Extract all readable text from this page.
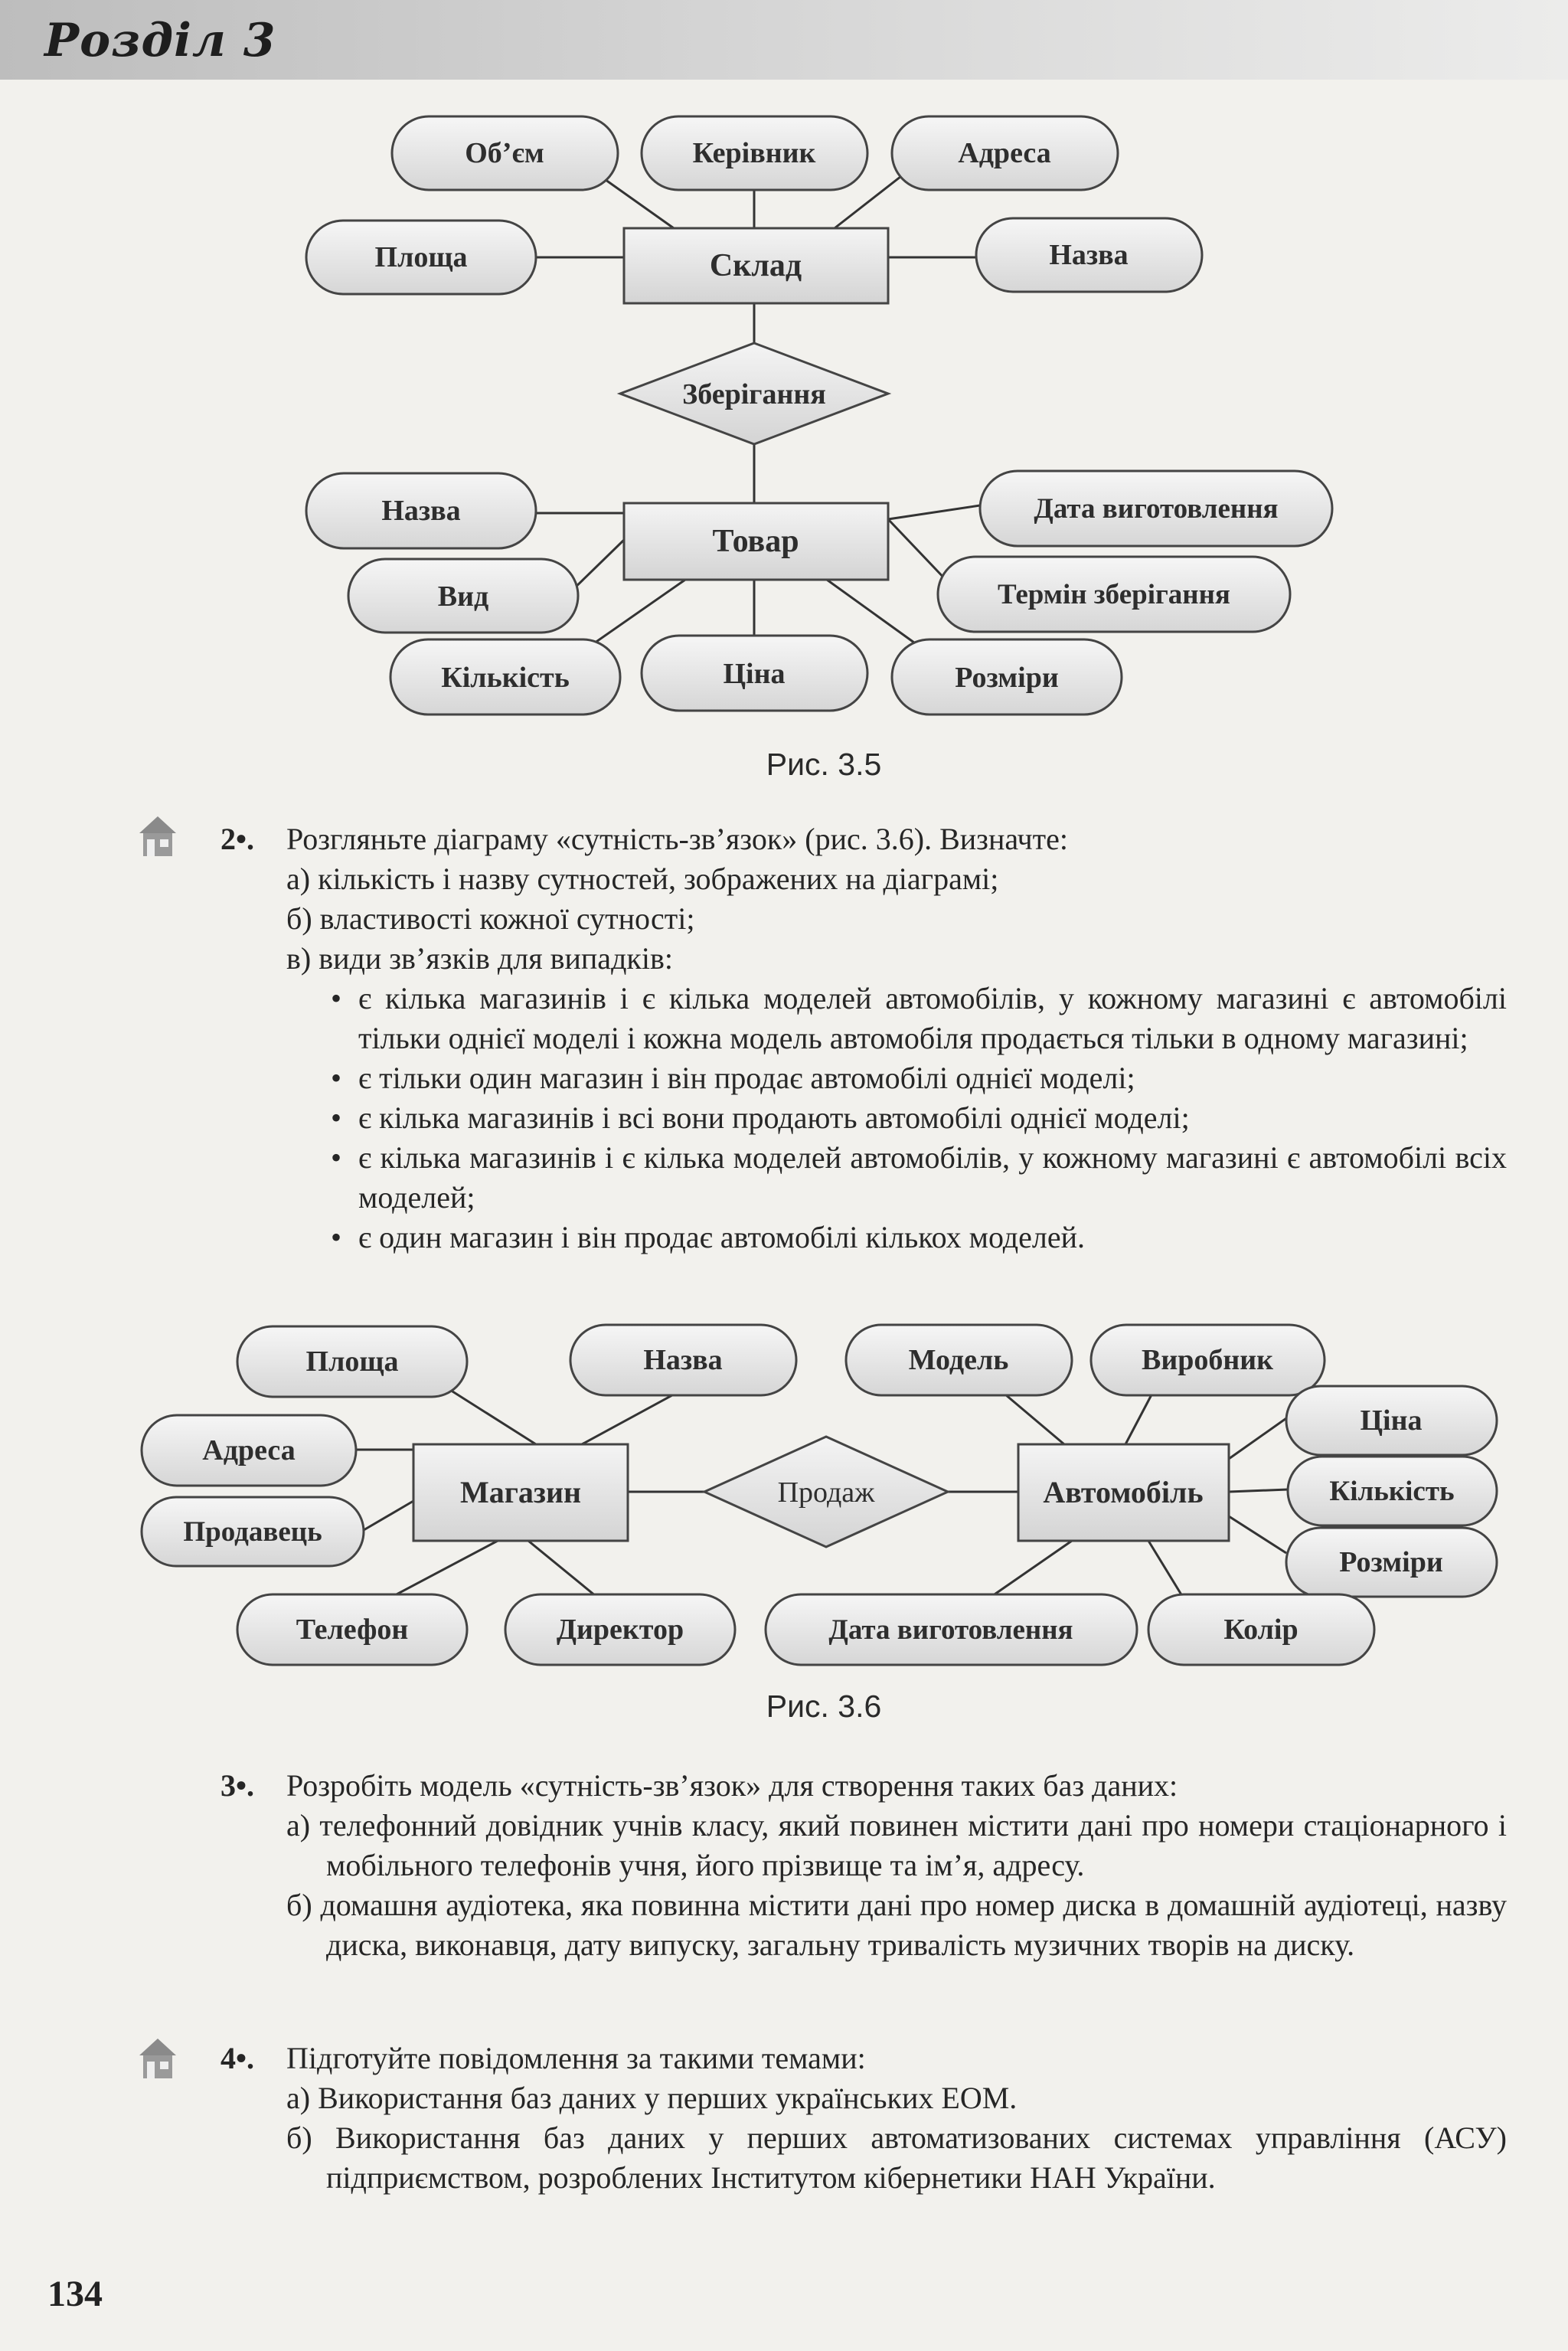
Розділ 3
Склад
Зберігання
Товар
Об’єм	Керівник	Адреса
Площа	Назва
Назва
Вид
Кількість	Ціна	Розміри
Дата виготовлення
Термін зберігання
Рис. 3.5
2•. Розгляньте діаграму «сутність-зв’язок» (рис. 3.6). Визначте:

а) кількість і назву сутностей, зображених на діаграмі;

б) властивості кожної сутності;

в) види зв’язків для випадків:

• є кілька магазинів і є кілька моделей автомобілів, у кожному магазині є автомобілі тільки однієї моделі і кожна модель автомобіля продається тільки в одному магазині;

• є тільки один магазин і він продає автомобілі однієї моделі;

• є кілька магазинів і всі вони продають автомобілі однієї моделі;

• є кілька магазинів і є кілька моделей автомобілів, у кожному магазині є автомобілі всіх моделей;

• є один магазин і він продає автомобілі кількох моделей.

Магазин	Продаж	Автомобіль
Площа	Назва
Адреса
Продавець
Телефон	Директор
Модель	Виробник
Ціна
Кількість
Розміри
Дата виготовлення	Колір
Рис. 3.6
3•. Розробіть модель «сутність-зв’язок» для створення таких баз даних:

а) телефонний довідник учнів класу, який повинен містити дані про номери стаціонарного і мобільного телефонів учня, його прізвище та ім’я, адресу.

б) домашня аудіотека, яка повинна містити дані про номер диска в домашній аудіотеці, назву диска, виконавця, дату випуску, загальну тривалість музичних творів на диску.

4•. Підготуйте повідомлення за такими темами:

а) Використання баз даних у перших українських ЕОМ.

б) Використання баз даних у перших автоматизованих системах управління (АСУ) підприємством, розроблених Інститутом кібернетики НАН України.

134
